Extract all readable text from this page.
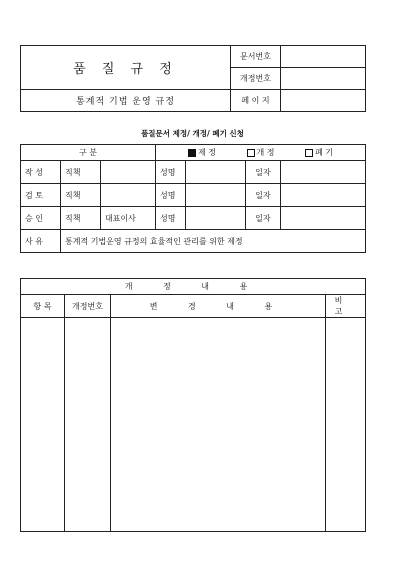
품 질 규 정	문서번호	
	개정번호	
통계적 기법 운영 규정	페 이 지	
품질문서 제정/ 개정/ 폐기 신청
구 분			제 정 개 정 폐 기			
작 성	직책		성명		일자	
검 토	직책		성명		일자	
승 인	직책	대표이사	성명		일자	
사 유	통계적 기법운영 규정의 효율적인 관리를 위한 제정					
개 정 내 용			
항 목	개정번호	변 경 내 용	비 고
